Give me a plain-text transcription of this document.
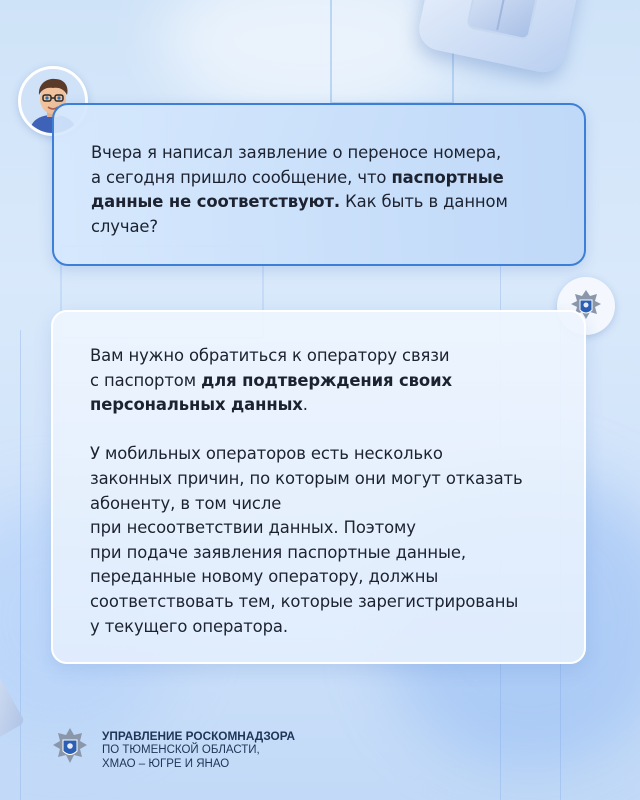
Вчера я написал заявление о переносе номера,
а сегодня пришло сообщение, что паспортные
данные не соответствуют. Как быть в данном
случае?

Вам нужно обратиться к оператору связи
с паспортом для подтверждения своих
персональных данных.

У мобильных операторов есть несколько
законных причин, по которым они могут отказать
абоненту, в том числе
при несоответствии данных. Поэтому
при подаче заявления паспортные данные,
переданные новому оператору, должны
соответствовать тем, которые зарегистрированы
у текущего оператора.

УПРАВЛЕНИЕ РОСКОМНАДЗОРА
ПО ТЮМЕНСКОЙ ОБЛАСТИ,
ХМАО – ЮГРЕ И ЯНАО
